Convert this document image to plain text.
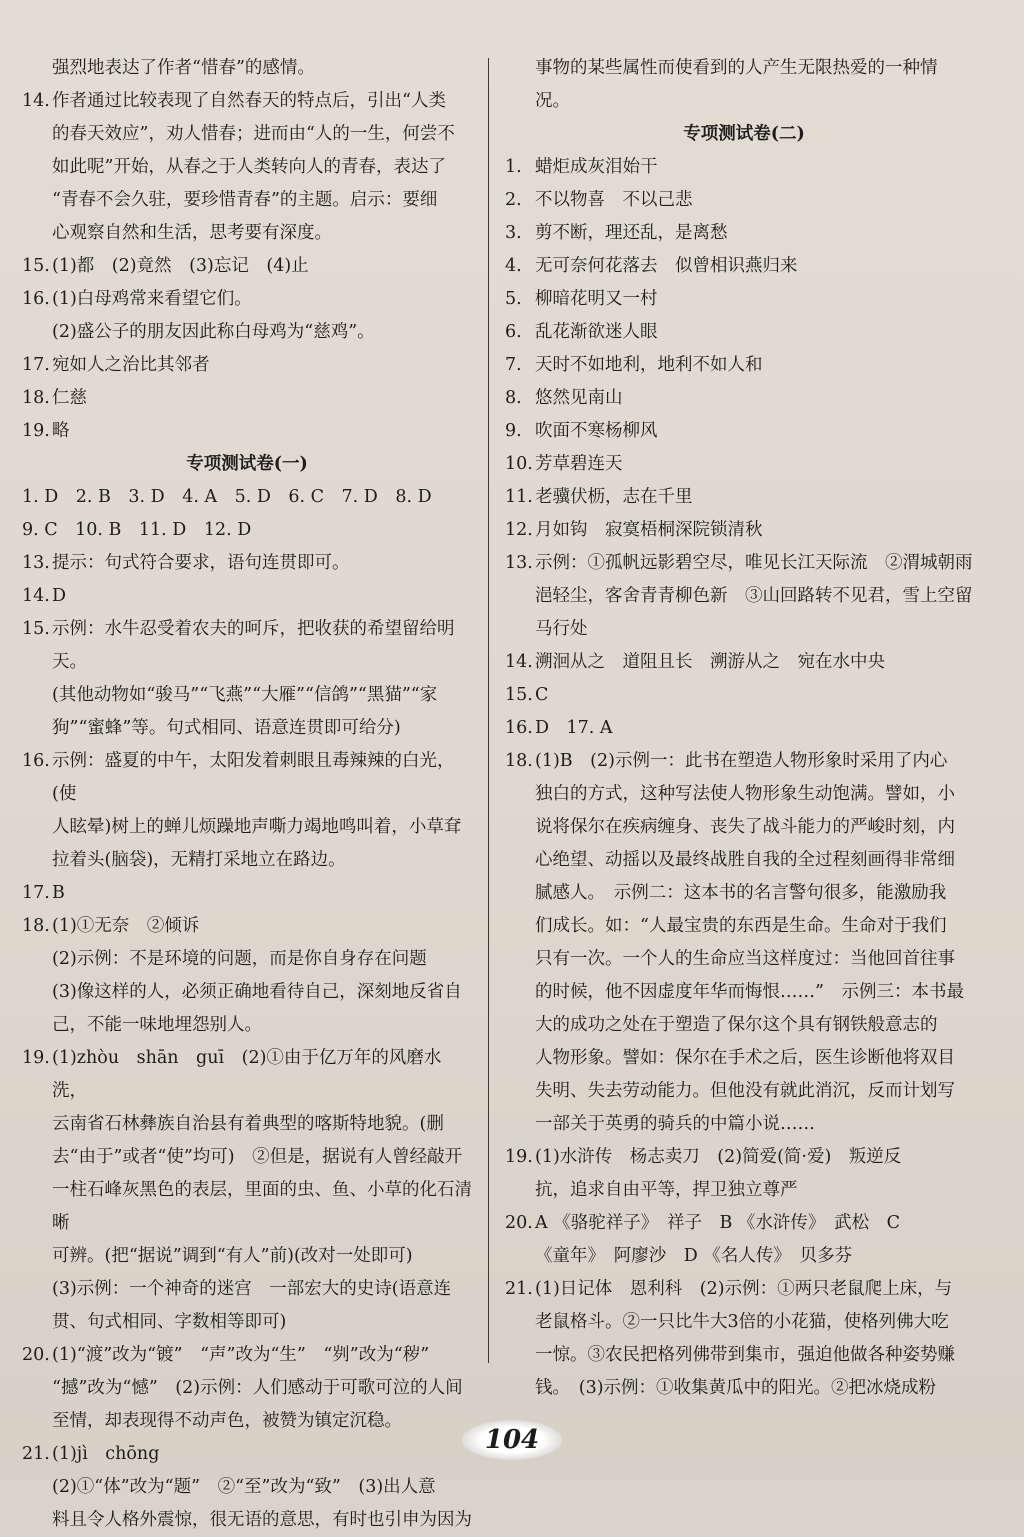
强烈地表达了作者“惜春”的感情。
14. 作者通过比较表现了自然春天的特点后，引出“人类
的春天效应”，劝人惜春；进而由“人的一生，何尝不
如此呢”开始，从春之于人类转向人的青春，表达了
“青春不会久驻，要珍惜青春”的主题。启示：要细
心观察自然和生活，思考要有深度。
15. (1)都　(2)竟然　(3)忘记　(4)止
16. (1)白母鸡常来看望它们。
(2)盛公子的朋友因此称白母鸡为“慈鸡”。
17. 宛如人之治比其邻者
18. 仁慈
19. 略
专项测试卷(一)
1. D　2. B　3. D　4. A　5. D　6. C　7. D　8. D
9. C　10. B　11. D　12. D
13. 提示：句式符合要求，语句连贯即可。
14. D
15. 示例：水牛忍受着农夫的呵斥，把收获的希望留给明天。
(其他动物如“骏马”“飞燕”“大雁”“信鸽”“黑猫”“家
狗”“蜜蜂”等。句式相同、语意连贯即可给分)
16. 示例：盛夏的中午，太阳发着刺眼且毒辣辣的白光，(使
人眩晕)树上的蝉儿烦躁地声嘶力竭地鸣叫着，小草耷
拉着头(脑袋)，无精打采地立在路边。
17. B
18. (1)①无奈　②倾诉
(2)示例：不是环境的问题，而是你自身存在问题
(3)像这样的人，必须正确地看待自己，深刻地反省自
己，不能一味地埋怨别人。
19. (1)zhòu　shān　guī　(2)①由于亿万年的风磨水洗，
云南省石林彝族自治县有着典型的喀斯特地貌。(删
去“由于”或者“使”均可)　②但是，据说有人曾经敲开
一柱石峰灰黑色的表层，里面的虫、鱼、小草的化石清晰
可辨。(把“据说”调到“有人”前)(改对一处即可)
(3)示例：一个神奇的迷宫　一部宏大的史诗(语意连
贯、句式相同、字数相等即可)
20. (1)“渡”改为“镀”　“声”改为“生”　“刿”改为“秽”
“撼”改为“憾”　(2)示例：人们感动于可歌可泣的人间
至情，却表现得不动声色，被赞为镇定沉稳。
21. (1)jì　chōng
(2)①“体”改为“题”　②“至”改为“致”　(3)出人意
料且令人格外震惊，很无语的意思，有时也引申为因为
事物的某些属性而使看到的人产生无限热爱的一种情
况。
专项测试卷(二)
1. 蜡炬成灰泪始干
2. 不以物喜　不以己悲
3. 剪不断，理还乱，是离愁
4. 无可奈何花落去　似曾相识燕归来
5. 柳暗花明又一村
6. 乱花渐欲迷人眼
7. 天时不如地利，地利不如人和
8. 悠然见南山
9. 吹面不寒杨柳风
10. 芳草碧连天
11. 老骥伏枥，志在千里
12. 月如钩　寂寞梧桐深院锁清秋
13. 示例：①孤帆远影碧空尽，唯见长江天际流　②渭城朝雨
浥轻尘，客舍青青柳色新　③山回路转不见君，雪上空留
马行处
14. 溯洄从之　道阻且长　溯游从之　宛在水中央
15. C
16. D　17. A
18. (1)B　(2)示例一：此书在塑造人物形象时采用了内心
独白的方式，这种写法使人物形象生动饱满。譬如，小
说将保尔在疾病缠身、丧失了战斗能力的严峻时刻，内
心绝望、动摇以及最终战胜自我的全过程刻画得非常细
腻感人。　示例二：这本书的名言警句很多，能激励我
们成长。如：“人最宝贵的东西是生命。生命对于我们
只有一次。一个人的生命应当这样度过：当他回首往事
的时候，他不因虚度年华而悔恨……”　示例三：本书最
大的成功之处在于塑造了保尔这个具有钢铁般意志的
人物形象。譬如：保尔在手术之后，医生诊断他将双目
失明、失去劳动能力。但他没有就此消沉，反而计划写
一部关于英勇的骑兵的中篇小说……
19. (1)水浒传　杨志卖刀　(2)简爱(简·爱)　叛逆反
抗，追求自由平等，捍卫独立尊严
20. A 《骆驼祥子》　祥子　B 《水浒传》　武松　C
《童年》　阿廖沙　D 《名人传》　贝多芬
21. (1)日记体　恩利科　(2)示例：①两只老鼠爬上床，与
老鼠格斗。②一只比牛大3倍的小花猫，使格列佛大吃
一惊。③农民把格列佛带到集市，强迫他做各种姿势赚
钱。　(3)示例：①收集黄瓜中的阳光。②把冰烧成粉
104
